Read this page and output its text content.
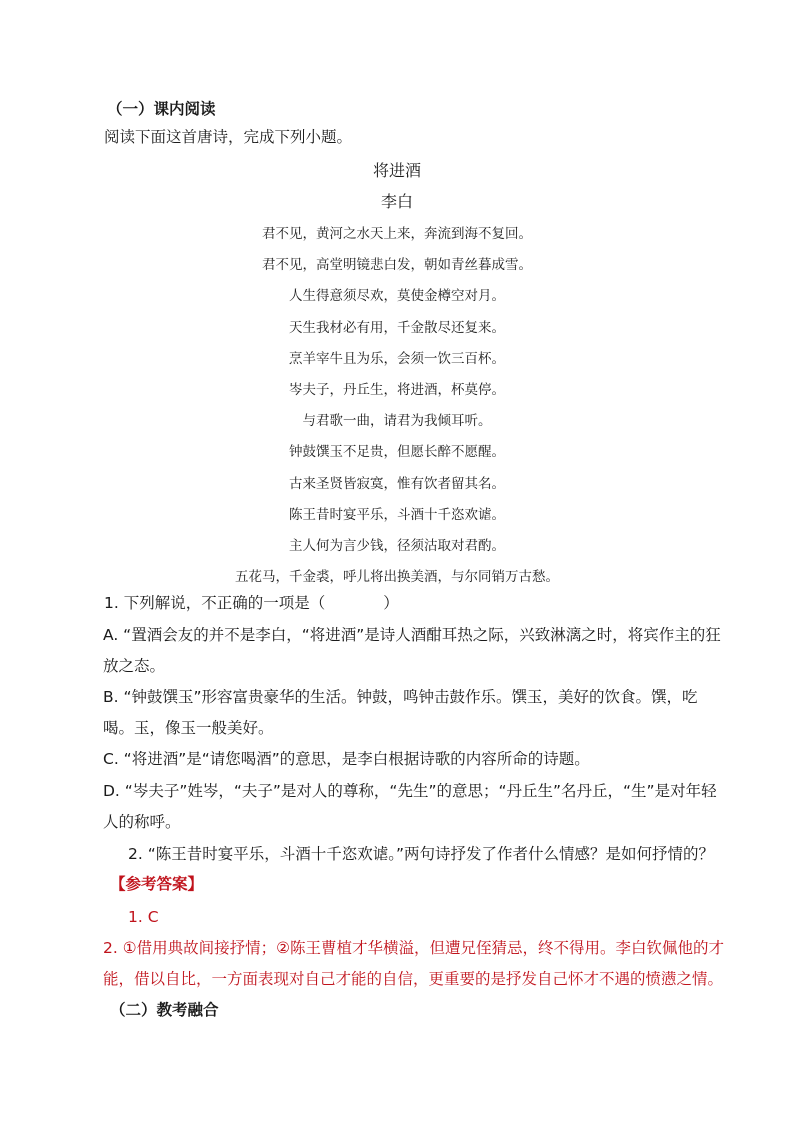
（一）课内阅读
阅读下面这首唐诗，完成下列小题。
将进酒
李白
君不见，黄河之水天上来，奔流到海不复回。
君不见，高堂明镜悲白发，朝如青丝暮成雪。
人生得意须尽欢，莫使金樽空对月。
天生我材必有用，千金散尽还复来。
烹羊宰牛且为乐，会须一饮三百杯。
岑夫子，丹丘生，将进酒，杯莫停。
与君歌一曲，请君为我倾耳听。
钟鼓馔玉不足贵，但愿长醉不愿醒。
古来圣贤皆寂寞，惟有饮者留其名。
陈王昔时宴平乐，斗酒十千恣欢谑。
主人何为言少钱，径须沽取对君酌。
五花马，千金裘，呼儿将出换美酒，与尔同销万古愁。
1. 下列解说，不正确的一项是（	）
A. “置酒会友的并不是李白，“将进酒”是诗人酒酣耳热之际，兴致淋漓之时，将宾作主的狂放之态。
B. “钟鼓馔玉”形容富贵豪华的生活。钟鼓，鸣钟击鼓作乐。馔玉，美好的饮食。馔，吃喝。玉，像玉一般美好。
C. “将进酒”是“请您喝酒”的意思，是李白根据诗歌的内容所命的诗题。
D. “岑夫子”姓岑，“夫子”是对人的尊称，“先生”的意思；“丹丘生”名丹丘，“生”是对年轻人的称呼。
2. “陈王昔时宴平乐，斗酒十千恣欢谑。”两句诗抒发了作者什么情感？是如何抒情的？
【参考答案】
1. C
2. ①借用典故间接抒情；②陈王曹植才华横溢，但遭兄侄猜忌，终不得用。李白钦佩他的才能，借以自比，一方面表现对自己才能的自信，更重要的是抒发自己怀才不遇的愤懑之情。
（二）教考融合
